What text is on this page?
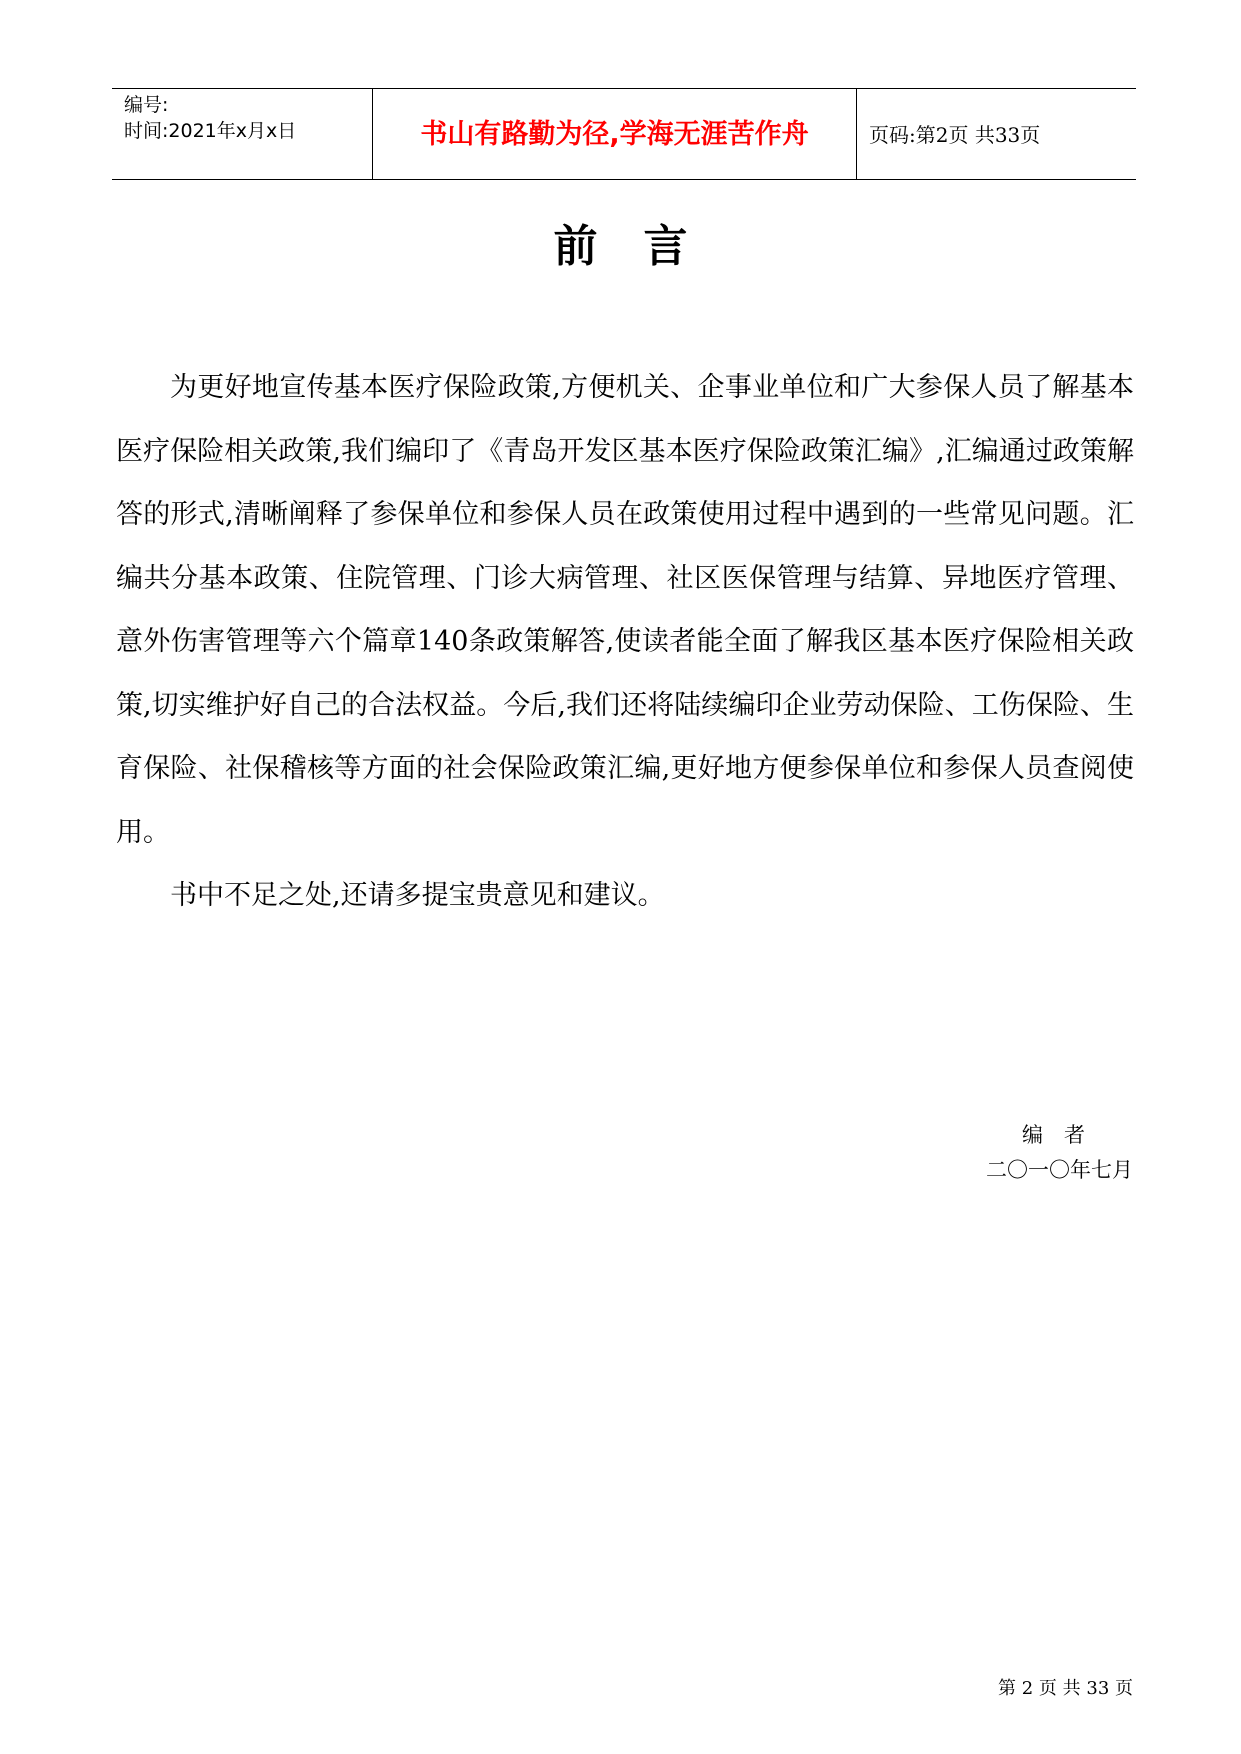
编号:
时间:2021年x月x日	书山有路勤为径,学海无涯苦作舟	页码:第2页 共33页
前 言

为更好地宣传基本医疗保险政策,方便机关、企事业单位和广大参保人员了解基本医疗保险相关政策,我们编印了《青岛开发区基本医疗保险政策汇编》,汇编通过政策解答的形式,清晰阐释了参保单位和参保人员在政策使用过程中遇到的一些常见问题。汇编共分基本政策、住院管理、门诊大病管理、社区医保管理与结算、异地医疗管理、意外伤害管理等六个篇章140条政策解答,使读者能全面了解我区基本医疗保险相关政策,切实维护好自己的合法权益。今后,我们还将陆续编印企业劳动保险、工伤保险、生育保险、社保稽核等方面的社会保险政策汇编,更好地方便参保单位和参保人员查阅使用。

书中不足之处,还请多提宝贵意见和建议。

编　者
二〇一〇年七月
第 2 页 共 33 页
